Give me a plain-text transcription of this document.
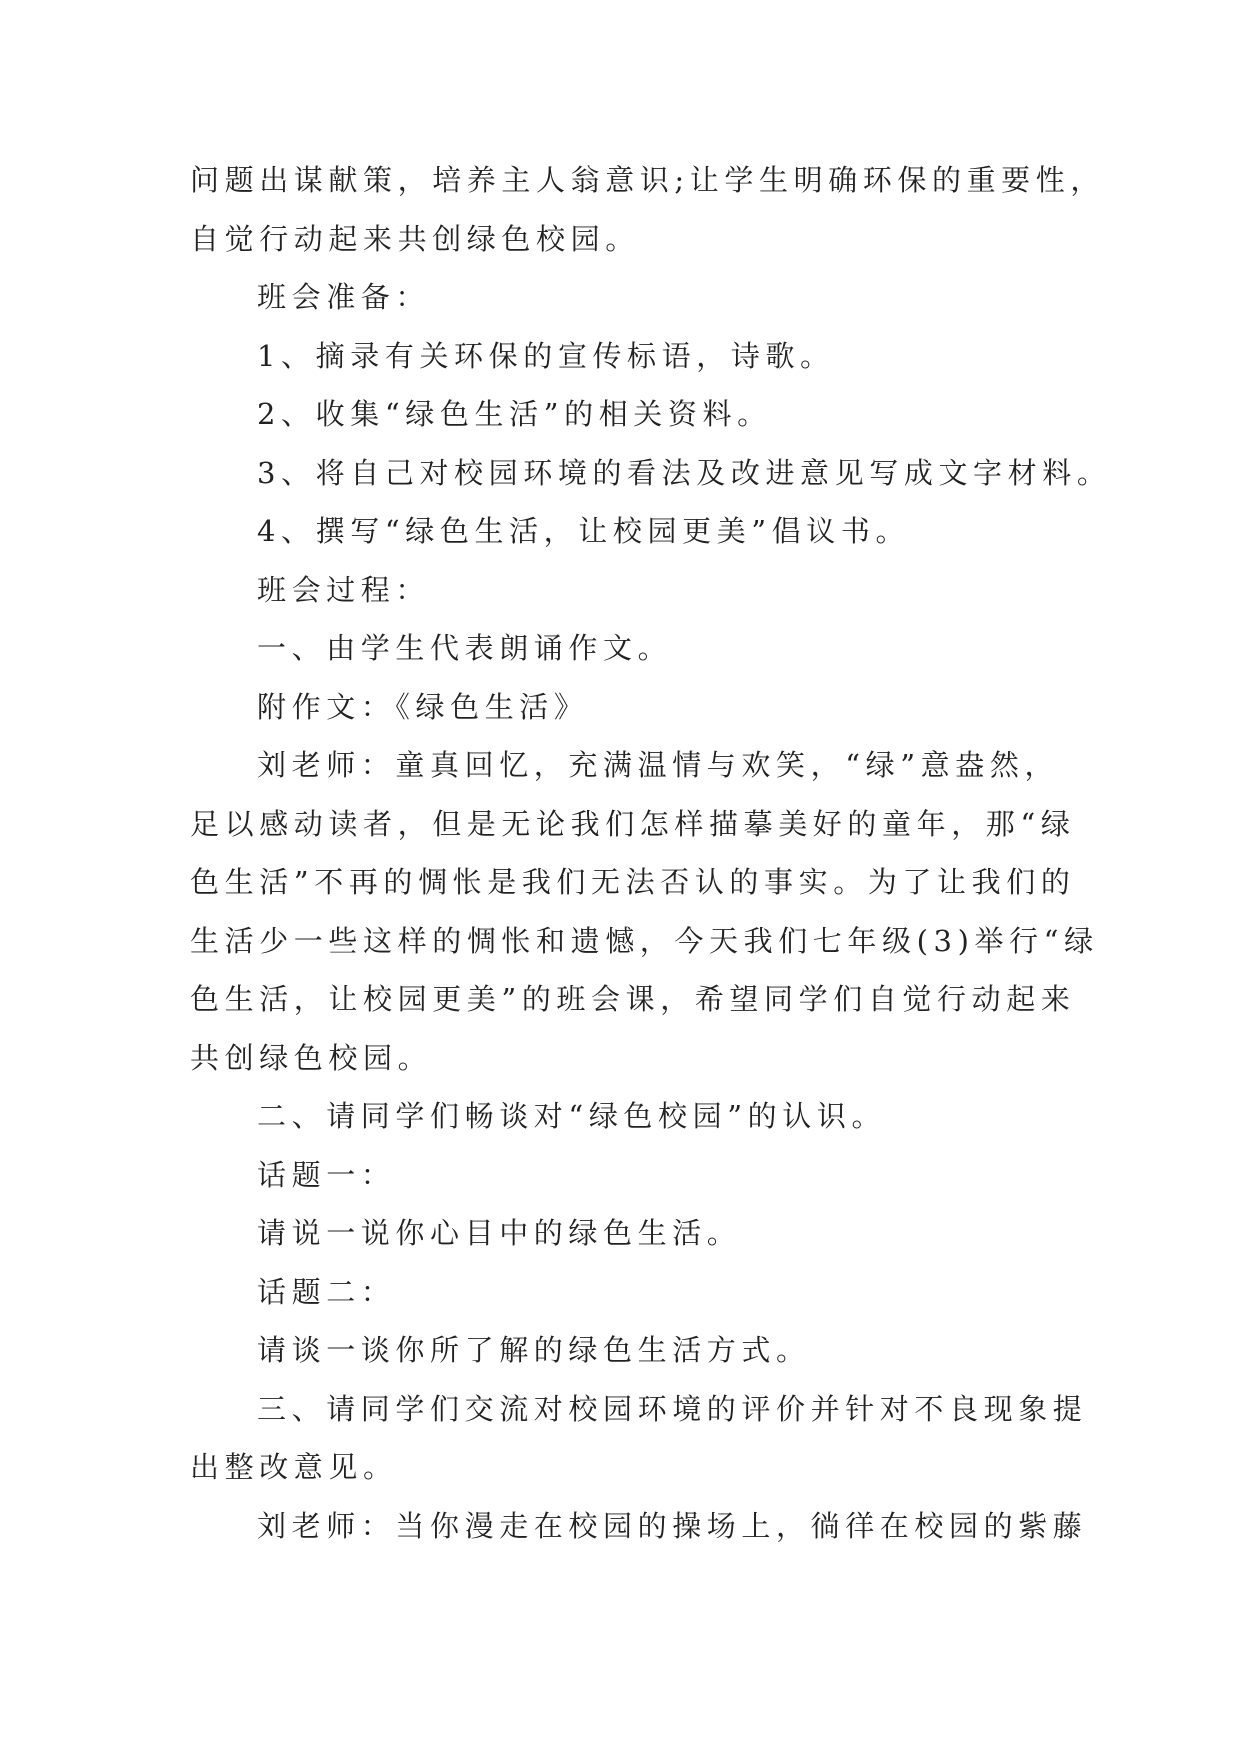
问题出谋献策，培养主人翁意识;让学生明确环保的重要性，
自觉行动起来共创绿色校园。
班会准备：
1、摘录有关环保的宣传标语，诗歌。
2、收集“绿色生活”的相关资料。
3、将自己对校园环境的看法及改进意见写成文字材料。
4、撰写“绿色生活，让校园更美”倡议书。
班会过程：
一、由学生代表朗诵作文。
附作文：《绿色生活》
刘老师：童真回忆，充满温情与欢笑，“绿”意盎然，
足以感动读者，但是无论我们怎样描摹美好的童年，那“绿
色生活”不再的惆怅是我们无法否认的事实。为了让我们的
生活少一些这样的惆怅和遗憾，今天我们七年级(3)举行“绿
色生活，让校园更美”的班会课，希望同学们自觉行动起来
共创绿色校园。
二、请同学们畅谈对“绿色校园”的认识。
话题一：
请说一说你心目中的绿色生活。
话题二：
请谈一谈你所了解的绿色生活方式。
三、请同学们交流对校园环境的评价并针对不良现象提
出整改意见。
刘老师：当你漫走在校园的操场上，徜徉在校园的紫藤
